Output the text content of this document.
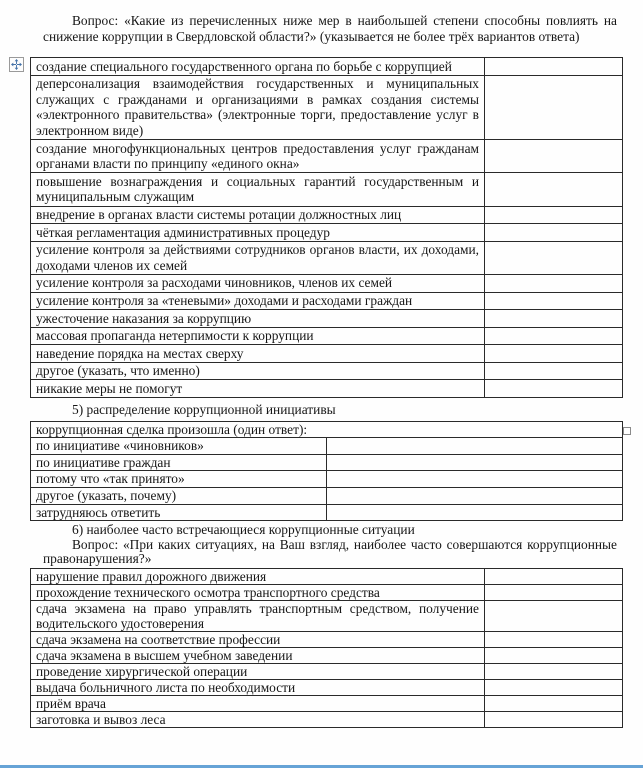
Вопрос: «Какие из перечисленных ниже мер в наибольшей степени способны повлиять на снижение коррупции в Свердловской области?» (указывается не более трёх вариантов ответа)

создание специального государственного органа по борьбе с коррупцией	
деперсонализация взаимодействия государственных и муниципальных служащих с гражданами и организациями в рамках создания системы «электронного правительства» (электронные торги, предоставление услуг в электронном виде)	
создание многофункциональных центров предоставления услуг гражданам органами власти по принципу «единого окна»	
повышение вознаграждения и социальных гарантий государственным и муниципальным служащим	
внедрение в органах власти системы ротации должностных лиц	
чёткая регламентация административных процедур	
усиление контроля за действиями сотрудников органов власти, их доходами, доходами членов их семей	
усиление контроля за расходами чиновников, членов их семей	
усиление контроля за «теневыми» доходами и расходами граждан	
ужесточение наказания за коррупцию	
массовая пропаганда нетерпимости к коррупции	
наведение порядка на местах сверху	
другое (указать, что именно)	
никакие меры не помогут	

5) распределение коррупционной инициативы

коррупционная сделка произошла (один ответ):	
по инициативе «чиновников»	
по инициативе граждан	
потому что «так принято»	
другое (указать, почему)	
затрудняюсь ответить	

6) наиболее часто встречающиеся коррупционные ситуации

Вопрос: «При каких ситуациях, на Ваш взгляд, наиболее часто совершаются коррупционные правонарушения?»

нарушение правил дорожного движения	
прохождение технического осмотра транспортного средства	
сдача экзамена на право управлять транспортным средством, получение водительского удостоверения	
сдача экзамена на соответствие профессии	
сдача экзамена в высшем учебном заведении	
проведение хирургической операции	
выдача больничного листа по необходимости	
приём врача	
заготовка и вывоз леса	
